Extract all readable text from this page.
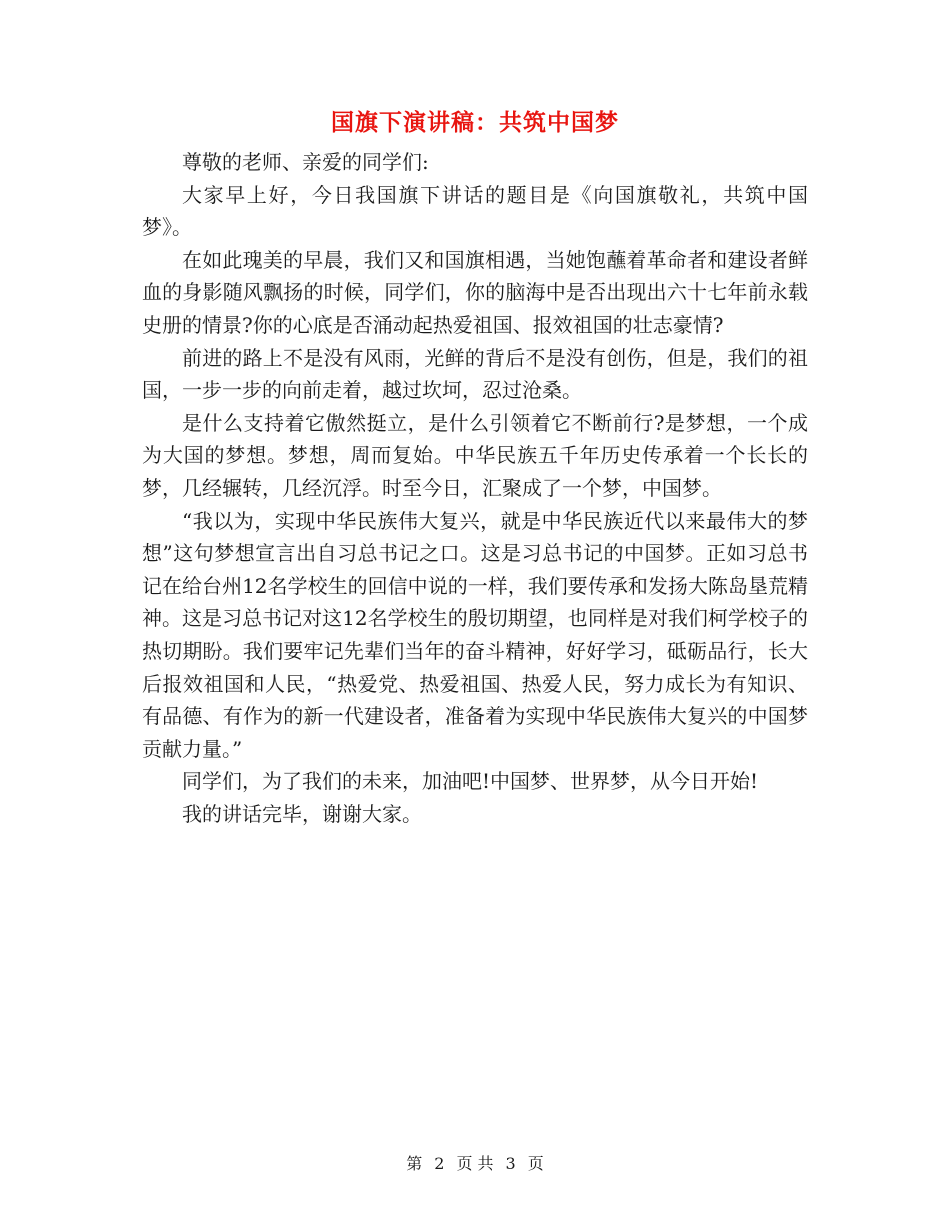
国旗下演讲稿：共筑中国梦

尊敬的老师、亲爱的同学们:

大家早上好，今日我国旗下讲话的题目是《向国旗敬礼，共筑中国梦》。

在如此瑰美的早晨，我们又和国旗相遇，当她饱蘸着革命者和建设者鲜血的身影随风飘扬的时候，同学们，你的脑海中是否出现出六十七年前永载史册的情景?你的心底是否涌动起热爱祖国、报效祖国的壮志豪情?

前进的路上不是没有风雨，光鲜的背后不是没有创伤，但是，我们的祖国，一步一步的向前走着，越过坎坷，忍过沧桑。

是什么支持着它傲然挺立，是什么引领着它不断前行?是梦想，一个成为大国的梦想。梦想，周而复始。中华民族五千年历史传承着一个长长的梦，几经辗转，几经沉浮。时至今日，汇聚成了一个梦，中国梦。

“我以为，实现中华民族伟大复兴，就是中华民族近代以来最伟大的梦想”这句梦想宣言出自习总书记之口。这是习总书记的中国梦。正如习总书记在给台州12名学校生的回信中说的一样，我们要传承和发扬大陈岛垦荒精神。这是习总书记对这12名学校生的殷切期望，也同样是对我们柯学校子的热切期盼。我们要牢记先辈们当年的奋斗精神，好好学习，砥砺品行，长大后报效祖国和人民，“热爱党、热爱祖国、热爱人民，努力成长为有知识、有品德、有作为的新一代建设者，准备着为实现中华民族伟大复兴的中国梦贡献力量。”

同学们，为了我们的未来，加油吧!中国梦、世界梦，从今日开始!

我的讲话完毕，谢谢大家。

第 2 页 共 3 页
